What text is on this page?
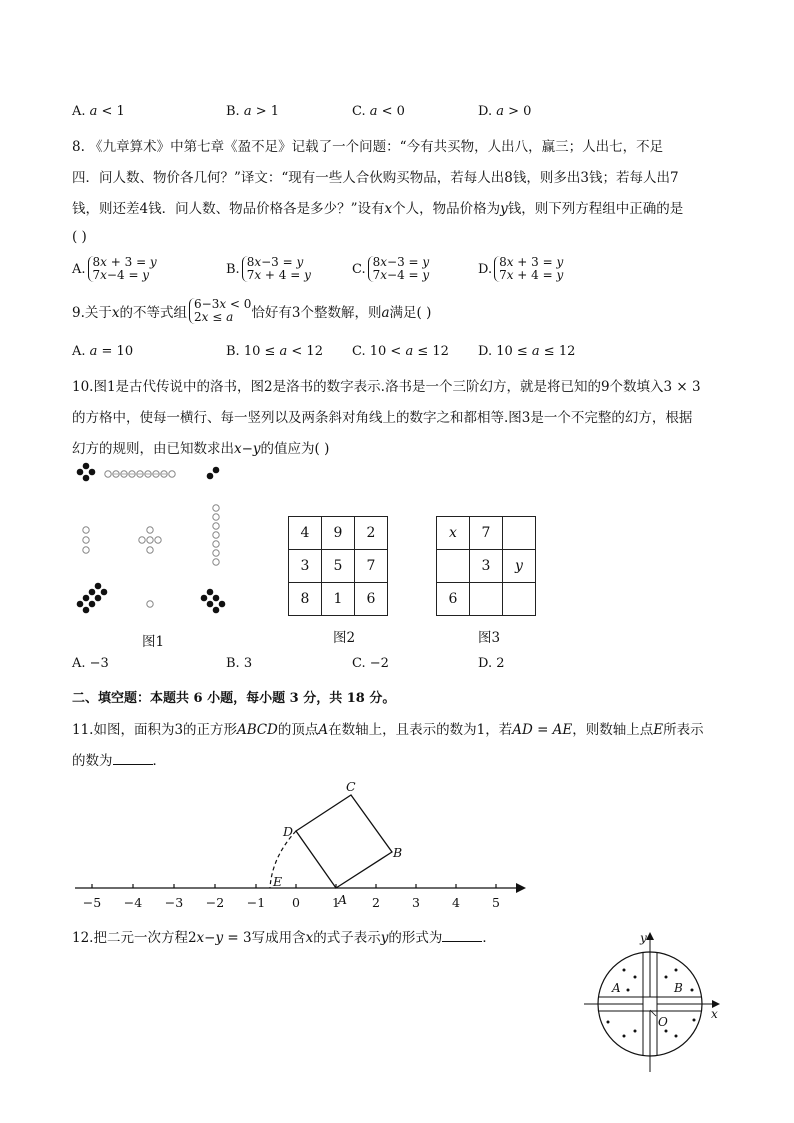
A. 𝑎 < 1	B. 𝑎 > 1	C. 𝑎 < 0	D. 𝑎 > 0
8. 《九章算术》中第七章《盈不足》记载了一个问题：“今有共买物，人出八，赢三；人出七，不足
四．问人数、物价各几何？”译文：“现有一些人合伙购买物品，若每人出8钱，则多出3钱；若每人出7
钱，则还差4钱．问人数、物品价格各是多少？”设有𝑥个人，物品价格为𝑦钱，则下列方程组中正确的是
( )
A. 8𝑥 + 3 = 𝑦
7𝑥−4 = 𝑦	B. 8𝑥−3 = 𝑦
7𝑥 + 4 = 𝑦	C. 8𝑥−3 = 𝑦
7𝑥−4 = 𝑦	D. 8𝑥 + 3 = 𝑦
7𝑥 + 4 = 𝑦
9.关于𝑥的不等式组
6−3𝑥 < 0
2𝑥 ≤ 𝑎	恰好有3个整数解，则𝑎满足( )
A. 𝑎 = 10	B. 10 ≤ 𝑎 < 12 C. 10 < 𝑎 ≤ 12 D. 10 ≤ 𝑎 ≤ 12
10.图1是古代传说中的洛书，图2是洛书的数字表示.洛书是一个三阶幻方，就是将已知的9个数填入3 × 3
的方格中，使每一横行、每一竖列以及两条斜对角线上的数字之和都相等.图3是一个不完整的幻方，根据
幻方的规则，由已知数求出𝑥−𝑦的值应为( )
图1
4	9	2
3	5	7
8	1	6
图2
x	7	
	3	y
6		
图3
A. −3	B. 3	C. −2	D. 2
二、填空题：本题共 6 小题，每小题 3 分，共 18 分。
11.如图，面积为3的正方形𝐴𝐵𝐶𝐷的顶点𝐴在数轴上，且表示的数为1，若𝐴𝐷 = 𝐴𝐸，则数轴上点𝐸所表示
的数为	．
−5 −4 −3 −2 −1 0	1	2	3	4	5
A
B
C
D
E
12.把二元一次方程2𝑥−𝑦 = 3写成用含𝑥的式子表示𝑦的形式为	．	y
x
A	B
O
